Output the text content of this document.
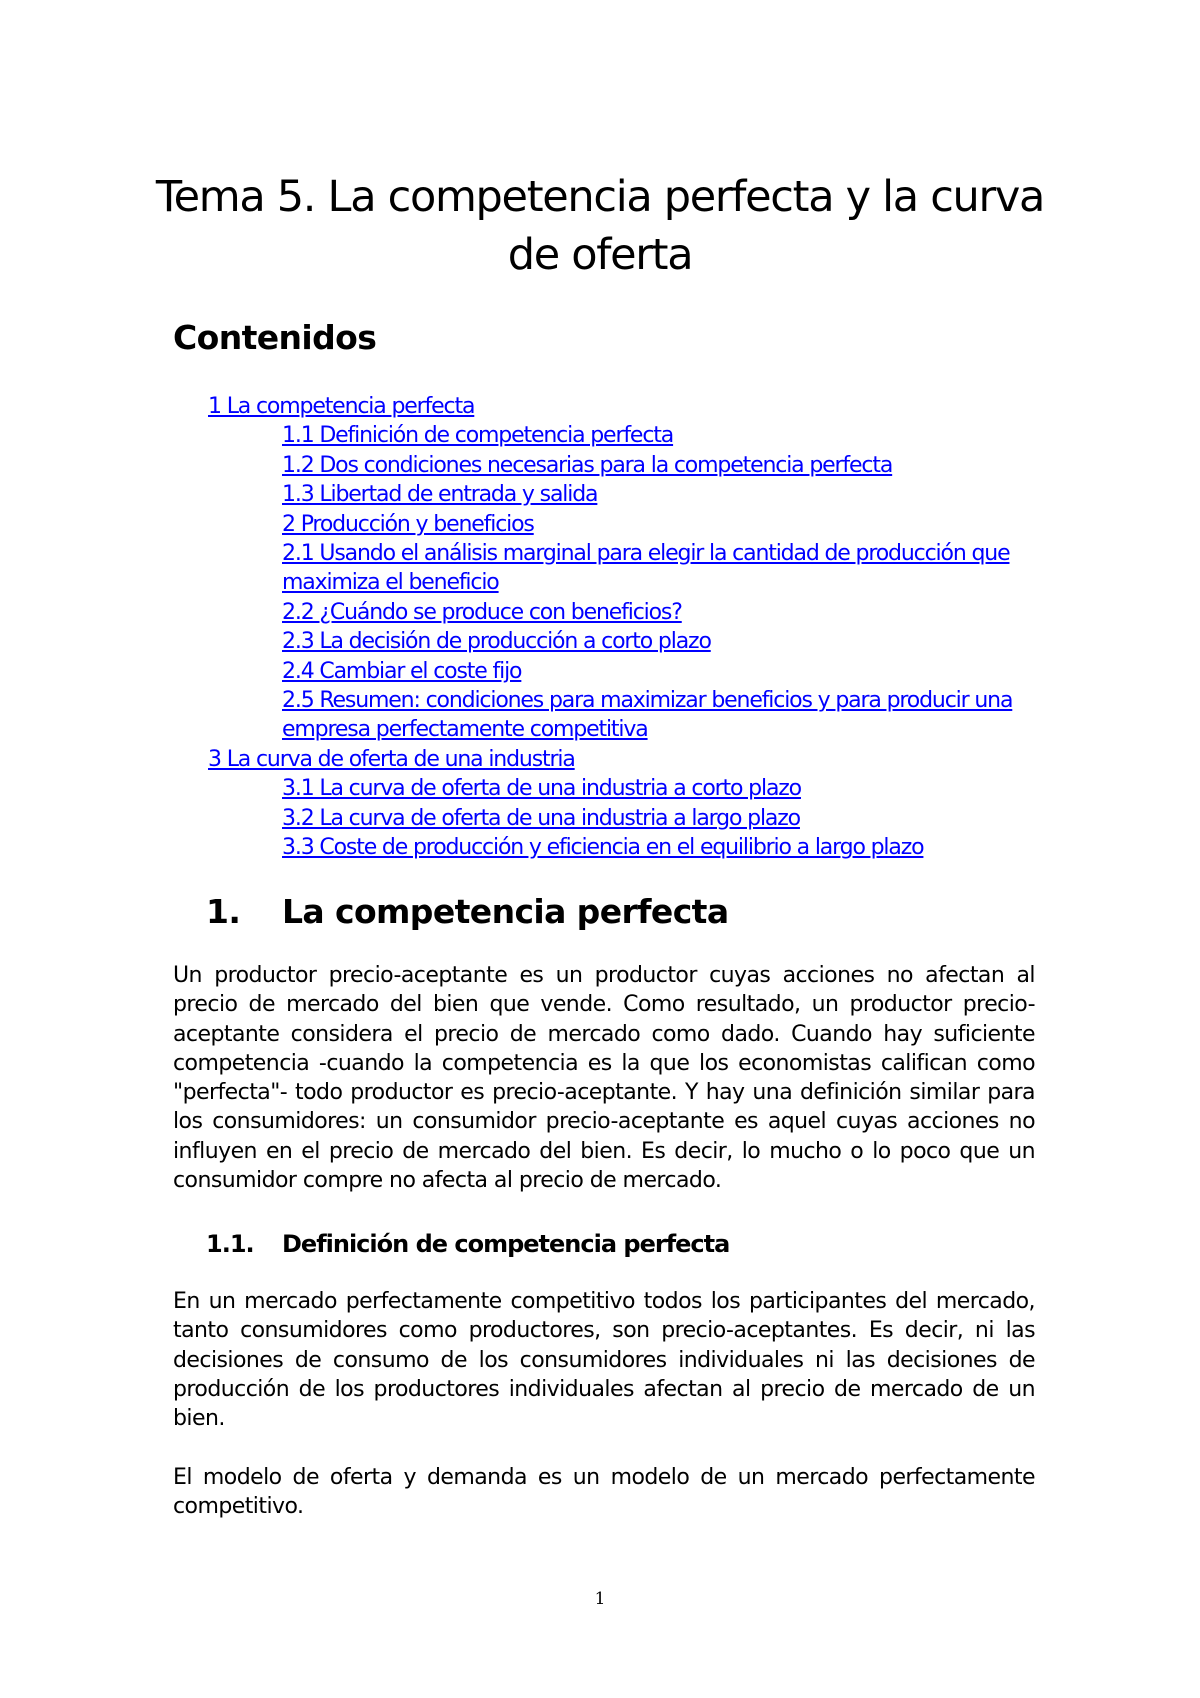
Tema 5. La competencia perfecta y la curva de oferta
Contenidos
1 La competencia perfecta
1.1 Definición de competencia perfecta
1.2 Dos condiciones necesarias para la competencia perfecta
1.3 Libertad de entrada y salida
2 Producción y beneficios
2.1 Usando el análisis marginal para elegir la cantidad de producción que maximiza el beneficio
2.2 ¿Cuándo se produce con beneficios?
2.3 La decisión de producción a corto plazo
2.4 Cambiar el coste fijo
2.5 Resumen: condiciones para maximizar beneficios y para producir una empresa perfectamente competitiva
3 La curva de oferta de una industria
3.1 La curva de oferta de una industria a corto plazo
3.2 La curva de oferta de una industria a largo plazo
3.3 Coste de producción y eficiencia en el equilibrio a largo plazo
1. La competencia perfecta

Un productor precio-aceptante es un productor cuyas acciones no afectan al precio de mercado del bien que vende. Como resultado, un productor precio-aceptante considera el precio de mercado como dado. Cuando hay suficiente competencia -cuando la competencia es la que los economistas califican como "perfecta"- todo productor es precio-aceptante. Y hay una definición similar para los consumidores: un consumidor precio-aceptante es aquel cuyas acciones no influyen en el precio de mercado del bien. Es decir, lo mucho o lo poco que un consumidor compre no afecta al precio de mercado.

1.1. Definición de competencia perfecta

En un mercado perfectamente competitivo todos los participantes del mercado, tanto consumidores como productores, son precio-aceptantes. Es decir, ni las decisiones de consumo de los consumidores individuales ni las decisiones de producción de los productores individuales afectan al precio de mercado de un bien.

El modelo de oferta y demanda es un modelo de un mercado perfectamente competitivo.

1
